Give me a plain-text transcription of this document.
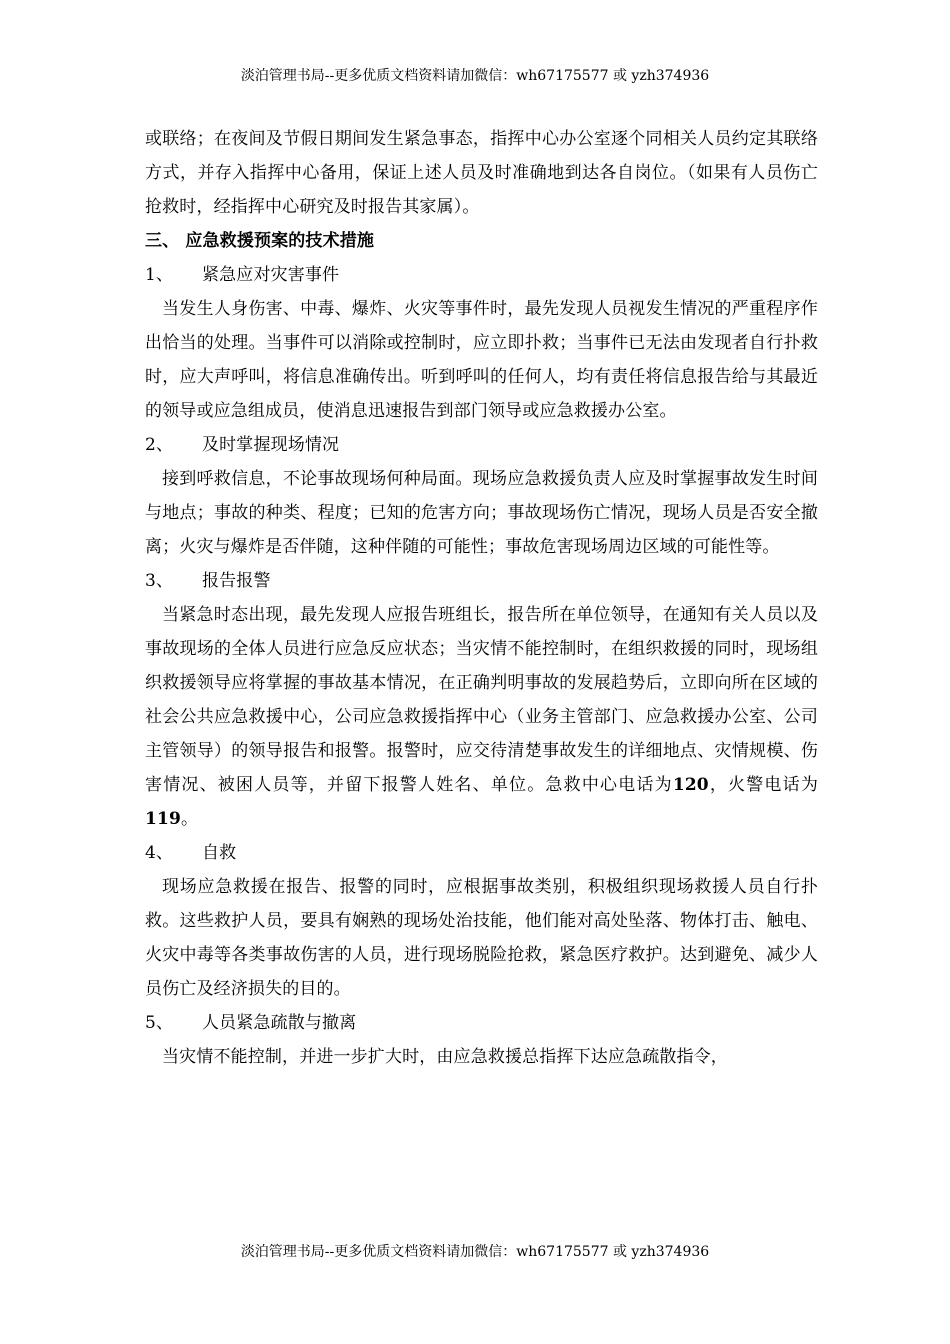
淡泊管理书局--更多优质文档资料请加微信：wh67175577 或 yzh374936

或联络；在夜间及节假日期间发生紧急事态，指挥中心办公室逐个同相关人员约定其联络方式，并存入指挥中心备用，保证上述人员及时准确地到达各自岗位。（如果有人员伤亡抢救时，经指挥中心研究及时报告其家属）。

三、 应急救援预案的技术措施

1、	紧急应对灾害事件

当发生人身伤害、中毒、爆炸、火灾等事件时，最先发现人员视发生情况的严重程序作出恰当的处理。当事件可以消除或控制时，应立即扑救；当事件已无法由发现者自行扑救时，应大声呼叫，将信息准确传出。听到呼叫的任何人，均有责任将信息报告给与其最近的领导或应急组成员，使消息迅速报告到部门领导或应急救援办公室。

2、	及时掌握现场情况

接到呼救信息，不论事故现场何种局面。现场应急救援负责人应及时掌握事故发生时间与地点；事故的种类、程度；已知的危害方向；事故现场伤亡情况，现场人员是否安全撤离；火灾与爆炸是否伴随，这种伴随的可能性；事故危害现场周边区域的可能性等。

3、	报告报警

当紧急时态出现，最先发现人应报告班组长，报告所在单位领导，在通知有关人员以及事故现场的全体人员进行应急反应状态；当灾情不能控制时，在组织救援的同时，现场组织救援领导应将掌握的事故基本情况，在正确判明事故的发展趋势后，立即向所在区域的社会公共应急救援中心，公司应急救援指挥中心（业务主管部门、应急救援办公室、公司主管领导）的领导报告和报警。报警时，应交待清楚事故发生的详细地点、灾情规模、伤害情况、被困人员等，并留下报警人姓名、单位。急救中心电话为120，火警电话为119。

4、	自救

现场应急救援在报告、报警的同时，应根据事故类别，积极组织现场救援人员自行扑救。这些救护人员，要具有娴熟的现场处治技能，他们能对高处坠落、物体打击、触电、火灾中毒等各类事故伤害的人员，进行现场脱险抢救，紧急医疗救护。达到避免、减少人员伤亡及经济损失的目的。

5、	人员紧急疏散与撤离

当灾情不能控制，并进一步扩大时，由应急救援总指挥下达应急疏散指令，

淡泊管理书局--更多优质文档资料请加微信：wh67175577 或 yzh374936
